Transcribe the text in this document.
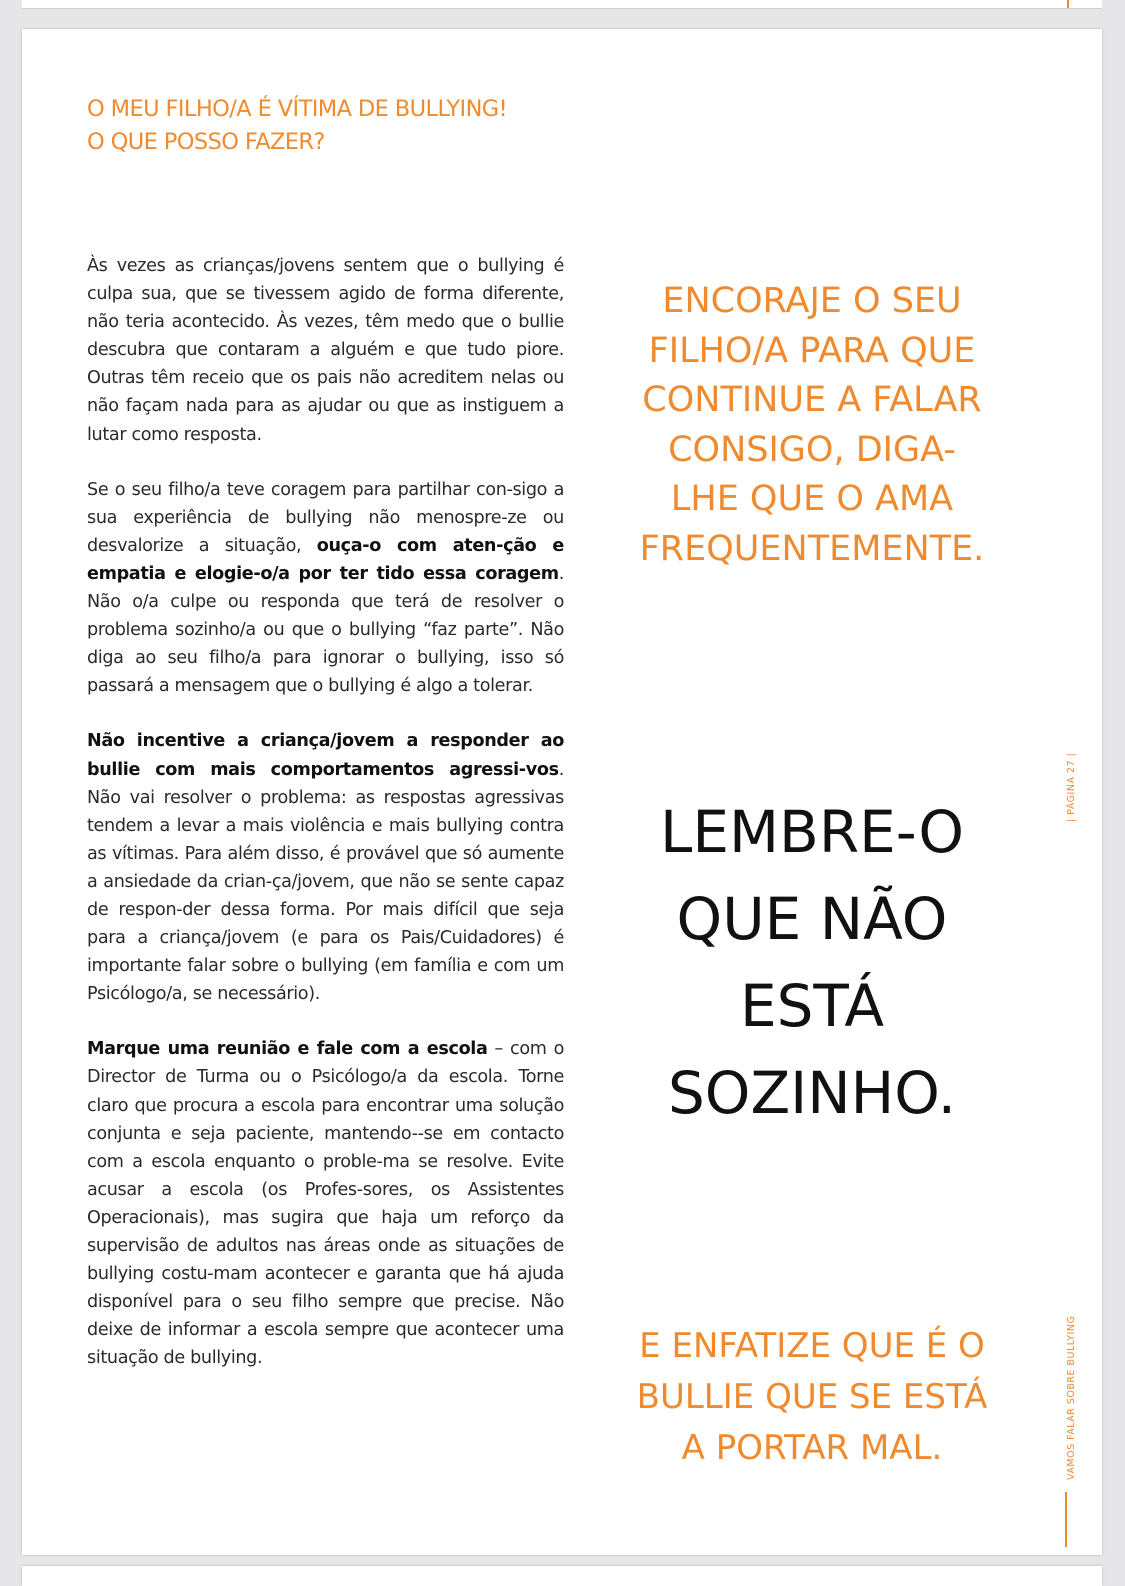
O MEU FILHO/A É VÍTIMA DE BULLYING!
O QUE POSSO FAZER?

Às vezes as crianças/jovens sentem que o bullying é culpa sua, que se tivessem agido de forma diferente, não teria acontecido. Às vezes, têm medo que o bullie descubra que contaram a alguém e que tudo piore. Outras têm receio que os pais não acreditem nelas ou não façam nada para as ajudar ou que as instiguem a lutar como resposta.

Se o seu filho/a teve coragem para partilhar con-sigo a sua experiência de bullying não menospre-ze ou desvalorize a situação, ouça-o com aten-ção e empatia e elogie-o/a por ter tido essa coragem. Não o/a culpe ou responda que terá de resolver o problema sozinho/a ou que o bullying “faz parte”. Não diga ao seu filho/a para ignorar o bullying, isso só passará a mensagem que o bullying é algo a tolerar.

Não incentive a criança/jovem a responder ao bullie com mais comportamentos agressi-vos. Não vai resolver o problema: as respostas agressivas tendem a levar a mais violência e mais bullying contra as vítimas. Para além disso, é provável que só aumente a ansiedade da crian-ça/jovem, que não se sente capaz de respon-der dessa forma. Por mais difícil que seja para a criança/jovem (e para os Pais/Cuidadores) é importante falar sobre o bullying (em família e com um Psicólogo/a, se necessário).

Marque uma reunião e fale com a escola – com o Director de Turma ou o Psicólogo/a da escola. Torne claro que procura a escola para encontrar uma solução conjunta e seja paciente, mantendo--se em contacto com a escola enquanto o proble-ma se resolve. Evite acusar a escola (os Profes-sores, os Assistentes Operacionais), mas sugira que haja um reforço da supervisão de adultos nas áreas onde as situações de bullying costu-mam acontecer e garanta que há ajuda disponível para o seu filho sempre que precise. Não deixe de informar a escola sempre que acontecer uma situação de bullying.

ENCORAJE O SEU
FILHO/A PARA QUE
CONTINUE A FALAR
CONSIGO, DIGA-
LHE QUE O AMA
FREQUENTEMENTE.
LEMBRE-O
QUE NÃO
ESTÁ
SOZINHO.
E ENFATIZE QUE É O
BULLIE QUE SE ESTÁ
A PORTAR MAL.
| PÁGINA 27 |
VAMOS FALAR SOBRE BULLYING
